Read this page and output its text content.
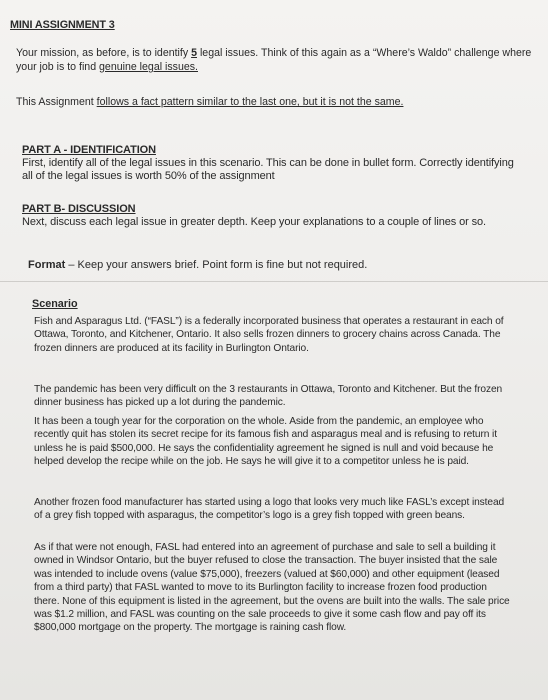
MINI ASSIGNMENT 3
Your mission, as before, is to identify 5 legal issues. Think of this again as a “Where’s Waldo” challenge where your job is to find genuine legal issues.
This Assignment follows a fact pattern similar to the last one, but it is not the same.
PART A - IDENTIFICATION
First, identify all of the legal issues in this scenario. This can be done in bullet form. Correctly identifying all of the legal issues is worth 50% of the assignment
PART B- DISCUSSION
Next, discuss each legal issue in greater depth. Keep your explanations to a couple of lines or so.
Format – Keep your answers brief. Point form is fine but not required.
Scenario
Fish and Asparagus Ltd. (“FASL”) is a federally incorporated business that operates a restaurant in each of Ottawa, Toronto, and Kitchener, Ontario. It also sells frozen dinners to grocery chains across Canada. The frozen dinners are produced at its facility in Burlington Ontario.
The pandemic has been very difficult on the 3 restaurants in Ottawa, Toronto and Kitchener. But the frozen dinner business has picked up a lot during the pandemic.
It has been a tough year for the corporation on the whole. Aside from the pandemic, an employee who recently quit has stolen its secret recipe for its famous fish and asparagus meal and is refusing to return it unless he is paid $500,000. He says the confidentiality agreement he signed is null and void because he helped develop the recipe while on the job. He says he will give it to a competitor unless he is paid.
Another frozen food manufacturer has started using a logo that looks very much like FASL’s except instead of a grey fish topped with asparagus, the competitor’s logo is a grey fish topped with green beans.
As if that were not enough, FASL had entered into an agreement of purchase and sale to sell a building it owned in Windsor Ontario, but the buyer refused to close the transaction. The buyer insisted that the sale was intended to include ovens (value $75,000), freezers (valued at $60,000) and other equipment (leased from a third party) that FASL wanted to move to its Burlington facility to increase frozen food production there. None of this equipment is listed in the agreement, but the ovens are built into the walls. The sale price was $1.2 million, and FASL was counting on the sale proceeds to give it some cash flow and pay off its $800,000 mortgage on the property. The mortgage is raining cash flow.
